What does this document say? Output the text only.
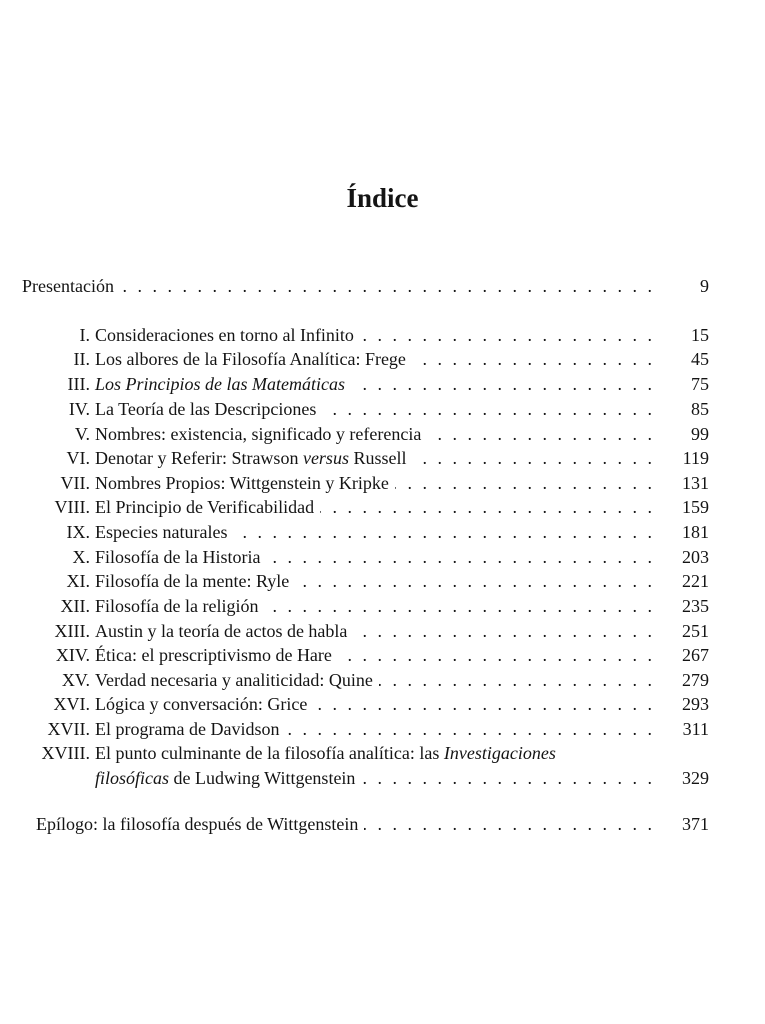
Índice
Presentación . . .	9
I. Consideraciones en torno al Infinito . . .	15
II. Los albores de la Filosofía Analítica: Frege . . .	45
III. Los Principios de las Matemáticas . . .	75
IV. La Teoría de las Descripciones . . .	85
V. Nombres: existencia, significado y referencia . . .	99
VI. Denotar y Referir: Strawson versus Russell . . .	119
VII. Nombres Propios: Wittgenstein y Kripke . . .	131
VIII. El Principio de Verificabilidad . . .	159
IX. Especies naturales . . .	181
X. Filosofía de la Historia . . .	203
XI. Filosofía de la mente: Ryle . . .	221
XII. Filosofía de la religión . . .	235
XIII. Austin y la teoría de actos de habla . . .	251
XIV. Ética: el prescriptivismo de Hare . . .	267
XV. Verdad necesaria y analiticidad: Quine . . .	279
XVI. Lógica y conversación: Grice . . .	293
XVII. El programa de Davidson . . .	311
XVIII. El punto culminante de la filosofía analítica: las Investigaciones
filosóficas de Ludwing Wittgenstein . . .	329
Epílogo: la filosofía después de Wittgenstein . . .	371
